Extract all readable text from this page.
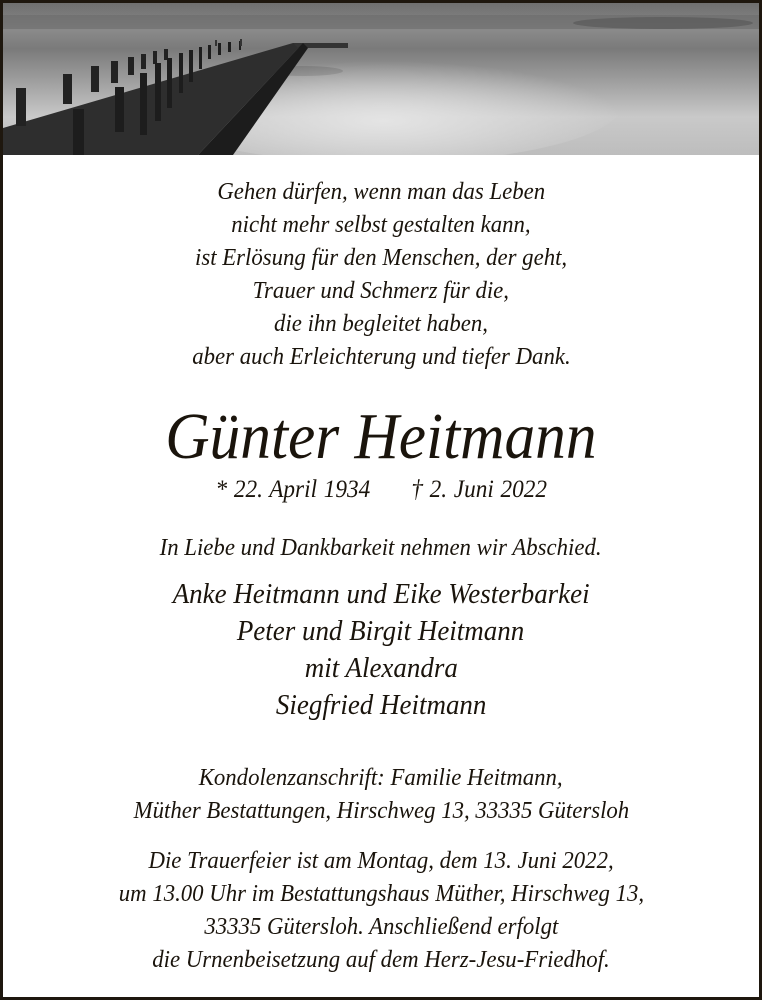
Gehen dürfen, wenn man das Leben
nicht mehr selbst gestalten kann,
ist Erlösung für den Menschen, der geht,
Trauer und Schmerz für die,
die ihn begleitet haben,
aber auch Erleichterung und tiefer Dank.
Günter Heitmann
* 22. April 1934 † 2. Juni 2022
In Liebe und Dankbarkeit nehmen wir Abschied.
Anke Heitmann und Eike Westerbarkei
Peter und Birgit Heitmann
mit Alexandra
Siegfried Heitmann
Kondolenzanschrift: Familie Heitmann,
Müther Bestattungen, Hirschweg 13, 33335 Gütersloh
Die Trauerfeier ist am Montag, dem 13. Juni 2022,
um 13.00 Uhr im Bestattungshaus Müther, Hirschweg 13,
33335 Gütersloh. Anschließend erfolgt
die Urnenbeisetzung auf dem Herz-Jesu-Friedhof.
